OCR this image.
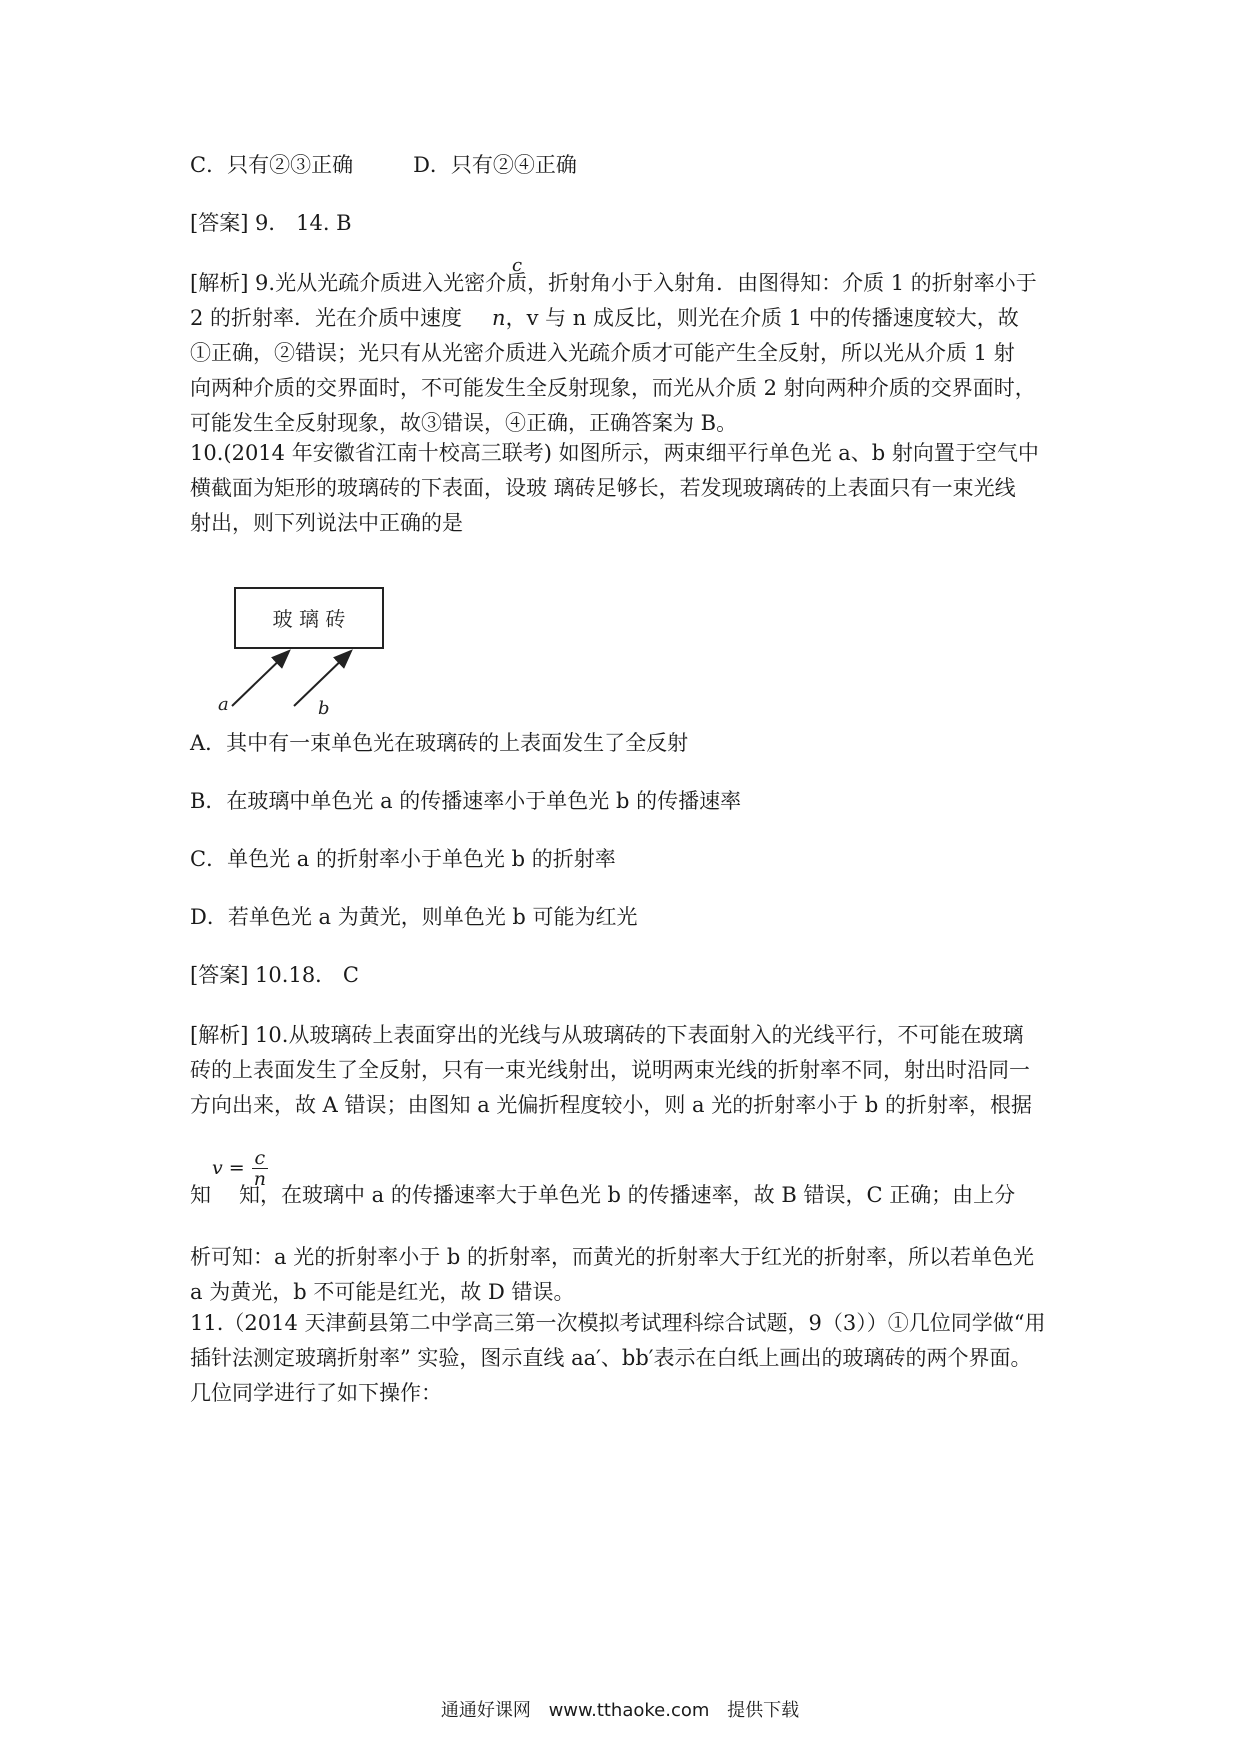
C．只有②③正确	D．只有②④正确
[答案] 9． 14. B
[解析] 9.光从光疏介质进入光密介质，折射角小于入射角．由图得知：介质 1 的折射率小于
c
2 的折射率．光在介质中速度 n，v 与 n 成反比，则光在介质 1 中的传播速度较大，故
①正确，②错误；光只有从光密介质进入光疏介质才可能产生全反射，所以光从介质 1 射
向两种介质的交界面时，不可能发生全反射现象，而光从介质 2 射向两种介质的交界面时，
可能发生全反射现象，故③错误，④正确，正确答案为 B。
10.(2014 年安徽省江南十校高三联考) 如图所示，两束细平行单色光 a、b 射向置于空气中
横截面为矩形的玻璃砖的下表面，设玻 璃砖足够长，若发现玻璃砖的上表面只有一束光线
射出，则下列说法中正确的是
玻 璃 砖
a	b
A．其中有一束单色光在玻璃砖的上表面发生了全反射
B．在玻璃中单色光 a 的传播速率小于单色光 b 的传播速率
C．单色光 a 的折射率小于单色光 b 的折射率
D．若单色光 a 为黄光，则单色光 b 可能为红光
[答案] 10.18． C
[解析] 10.从玻璃砖上表面穿出的光线与从玻璃砖的下表面射入的光线平行，不可能在玻璃
砖的上表面发生了全反射，只有一束光线射出，说明两束光线的折射率不同，射出时沿同一
方向出来，故 A 错误；由图知 a 光偏折程度较小，则 a 光的折射率小于 b 的折射率，根据
$v = \frac{c}{n}$
知 知，在玻璃中 a 的传播速率大于单色光 b 的传播速率，故 B 错误，C 正确；由上分
析可知：a 光的折射率小于 b 的折射率，而黄光的折射率大于红光的折射率，所以若单色光
a 为黄光，b 不可能是红光，故 D 错误。
11.（2014 天津蓟县第二中学高三第一次模拟考试理科综合试题，9（3））①几位同学做“用
插针法测定玻璃折射率” 实验，图示直线 aa′、bb′表示在白纸上画出的玻璃砖的两个界面。
几位同学进行了如下操作：
通通好课网 www.tthaoke.com 提供下载
